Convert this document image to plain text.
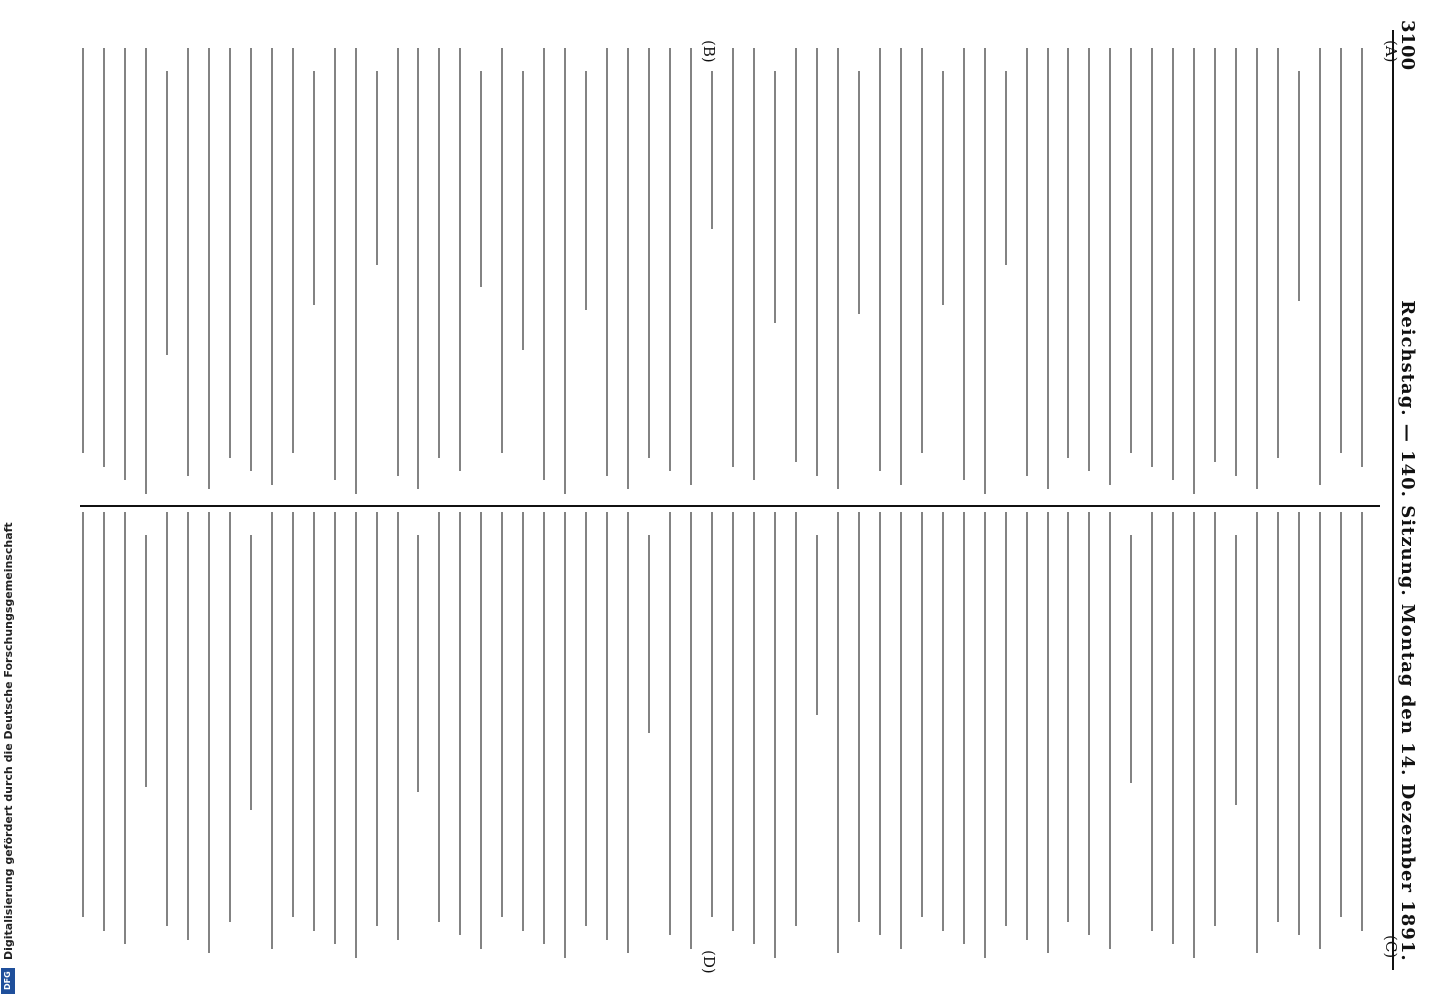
3100  Reichstag. — 140. Sitzung. Montag den 14. Dezember 1891.
(A)
(B)
(C)
(D)
Digitalisierung gefördert durch die Deutsche Forschungsgemeinschaft
DFG
